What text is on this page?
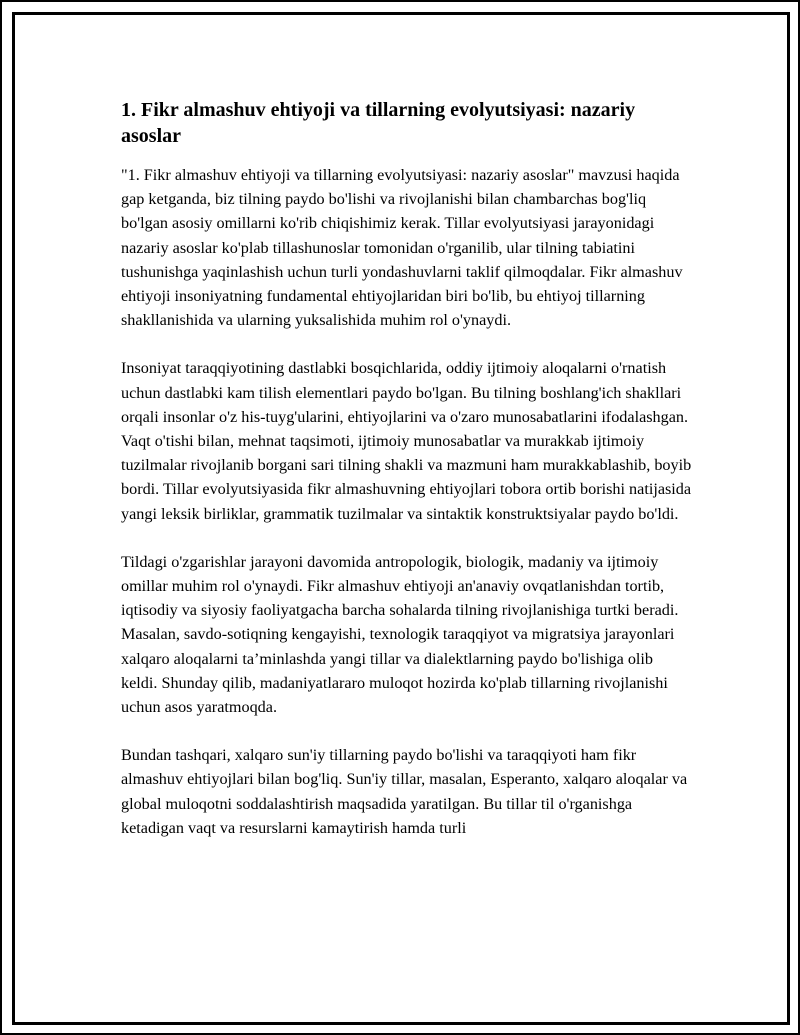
1. Fikr almashuv ehtiyoji va tillarning evolyutsiyasi: nazariy asoslar

"1. Fikr almashuv ehtiyoji va tillarning evolyutsiyasi: nazariy asoslar" mavzusi haqida gap ketganda, biz tilning paydo bo'lishi va rivojlanishi bilan chambarchas bog'liq bo'lgan asosiy omillarni ko'rib chiqishimiz kerak. Tillar evolyutsiyasi jarayonidagi nazariy asoslar ko'plab tillashunoslar tomonidan o'rganilib, ular tilning tabiatini tushunishga yaqinlashish uchun turli yondashuvlarni taklif qilmoqdalar. Fikr almashuv ehtiyoji insoniyatning fundamental ehtiyojlaridan biri bo'lib, bu ehtiyoj tillarning shakllanishida va ularning yuksalishida muhim rol o'ynaydi.

Insoniyat taraqqiyotining dastlabki bosqichlarida, oddiy ijtimoiy aloqalarni o'rnatish uchun dastlabki kam tilish elementlari paydo bo'lgan. Bu tilning boshlang'ich shakllari orqali insonlar o'z his-tuyg'ularini, ehtiyojlarini va o'zaro munosabatlarini ifodalashgan. Vaqt o'tishi bilan, mehnat taqsimoti, ijtimoiy munosabatlar va murakkab ijtimoiy tuzilmalar rivojlanib borgani sari tilning shakli va mazmuni ham murakkablashib, boyib bordi. Tillar evolyutsiyasida fikr almashuvning ehtiyojlari tobora ortib borishi natijasida yangi leksik birliklar, grammatik tuzilmalar va sintaktik konstruktsiyalar paydo bo'ldi.

Tildagi o'zgarishlar jarayoni davomida antropologik, biologik, madaniy va ijtimoiy omillar muhim rol o'ynaydi. Fikr almashuv ehtiyoji an'anaviy ovqatlanishdan tortib, iqtisodiy va siyosiy faoliyatgacha barcha sohalarda tilning rivojlanishiga turtki beradi. Masalan, savdo-sotiqning kengayishi, texnologik taraqqiyot va migratsiya jarayonlari xalqaro aloqalarni ta’minlashda yangi tillar va dialektlarning paydo bo'lishiga olib keldi. Shunday qilib, madaniyatlararo muloqot hozirda ko'plab tillarning rivojlanishi uchun asos yaratmoqda.

Bundan tashqari, xalqaro sun'iy tillarning paydo bo'lishi va taraqqiyoti ham fikr almashuv ehtiyojlari bilan bog'liq. Sun'iy tillar, masalan, Esperanto, xalqaro aloqalar va global muloqotni soddalashtirish maqsadida yaratilgan. Bu tillar til o'rganishga ketadigan vaqt va resurslarni kamaytirish hamda turli
